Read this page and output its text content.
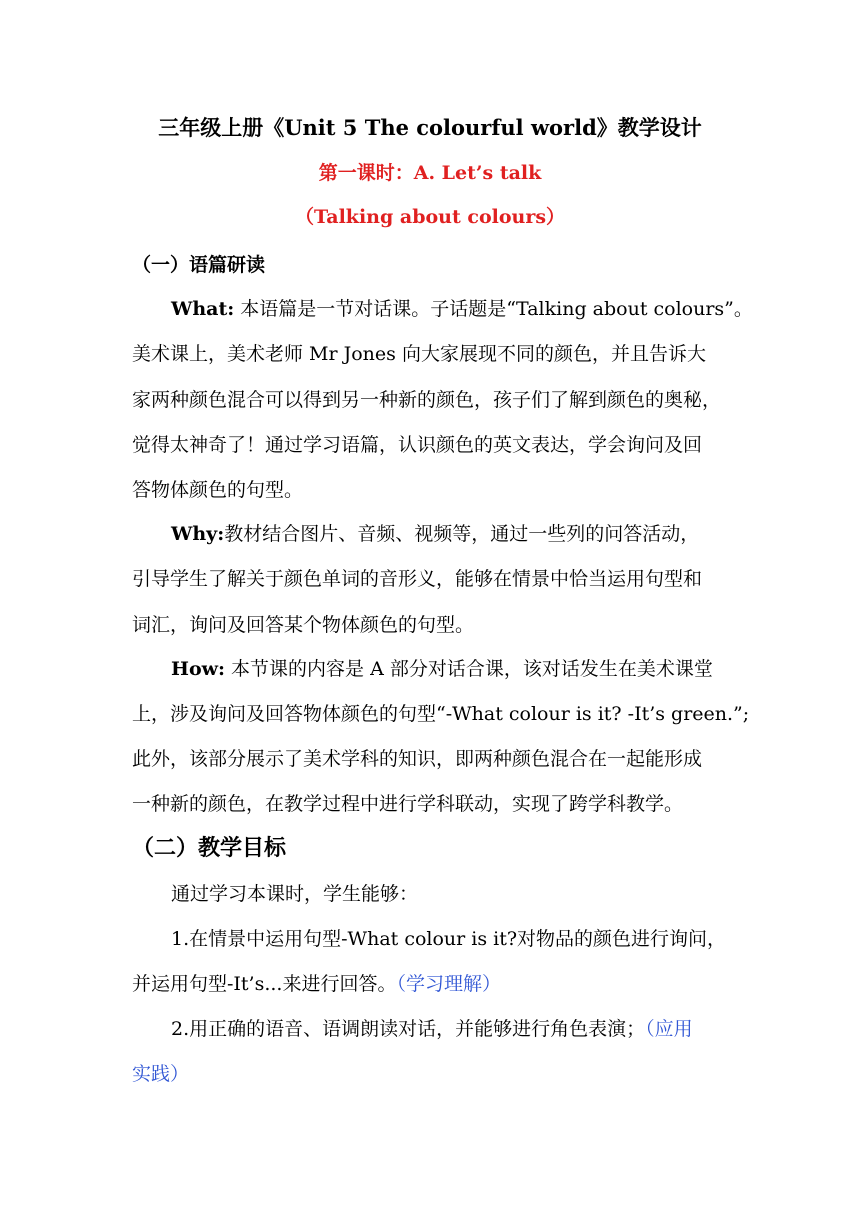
三年级上册《Unit 5 The colourful world》教学设计
第一课时：A. Let’s talk
（Talking about colours）
（一）语篇研读
What: 本语篇是一节对话课。子话题是“Talking about colours”。
美术课上，美术老师 Mr Jones 向大家展现不同的颜色，并且告诉大
家两种颜色混合可以得到另一种新的颜色，孩子们了解到颜色的奥秘，
觉得太神奇了！通过学习语篇，认识颜色的英文表达，学会询问及回
答物体颜色的句型。
Why:教材结合图片、音频、视频等，通过一些列的问答活动，
引导学生了解关于颜色单词的音形义，能够在情景中恰当运用句型和
词汇，询问及回答某个物体颜色的句型。
How: 本节课的内容是 A 部分对话合课，该对话发生在美术课堂
上，涉及询问及回答物体颜色的句型“-What colour is it? -It’s green.”;
此外，该部分展示了美术学科的知识，即两种颜色混合在一起能形成
一种新的颜色，在教学过程中进行学科联动，实现了跨学科教学。
（二）教学目标
通过学习本课时，学生能够：
1.在情景中运用句型-What colour is it?对物品的颜色进行询问，
并运用句型-It’s...来进行回答。（学习理解）
2.用正确的语音、语调朗读对话，并能够进行角色表演；（应用
实践）
